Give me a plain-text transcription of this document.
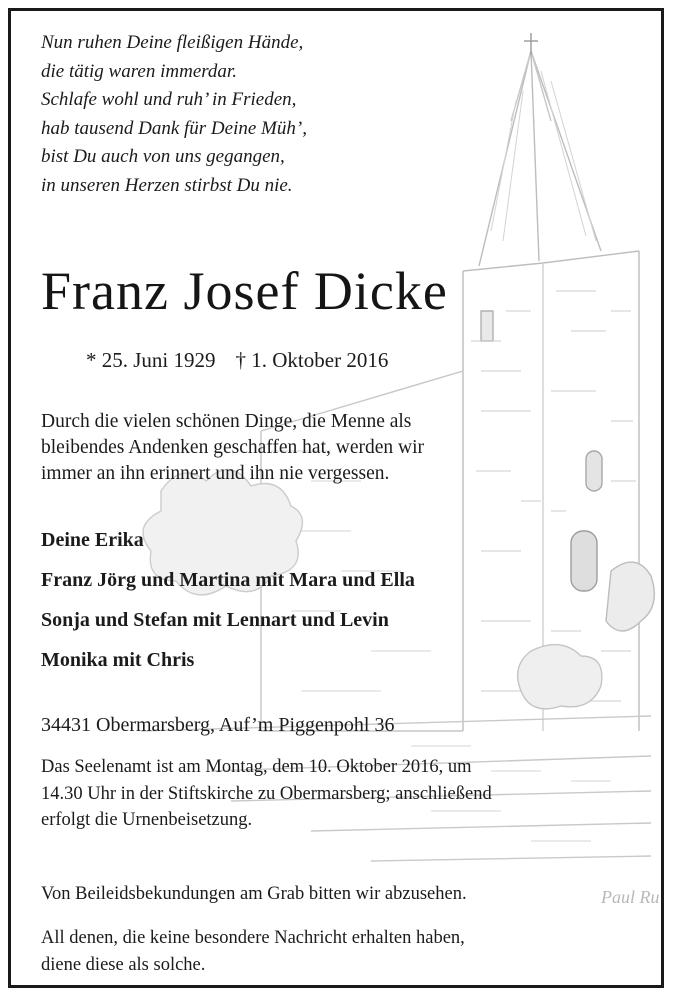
Paul Ru
Nun ruhen Deine fleißigen Hände,
die tätig waren immerdar.
Schlafe wohl und ruh’ in Frieden,
hab tausend Dank für Deine Müh’,
bist Du auch von uns gegangen,
in unseren Herzen stirbst Du nie.
Franz Josef Dicke
* 25. Juni 1929 † 1. Oktober 2016
Durch die vielen schönen Dinge, die Menne als
bleibendes Andenken geschaffen hat, werden wir
immer an ihn erinnert und ihn nie vergessen.
Deine Erika
Franz Jörg und Martina mit Mara und Ella
Sonja und Stefan mit Lennart und Levin
Monika mit Chris
34431 Obermarsberg, Auf’m Piggenpohl 36
Das Seelenamt ist am Montag, dem 10. Oktober 2016, um
14.30 Uhr in der Stiftskirche zu Obermarsberg; anschließend
erfolgt die Urnenbeisetzung.
Von Beileidsbekundungen am Grab bitten wir abzusehen.
All denen, die keine besondere Nachricht erhalten haben,
diene diese als solche.
